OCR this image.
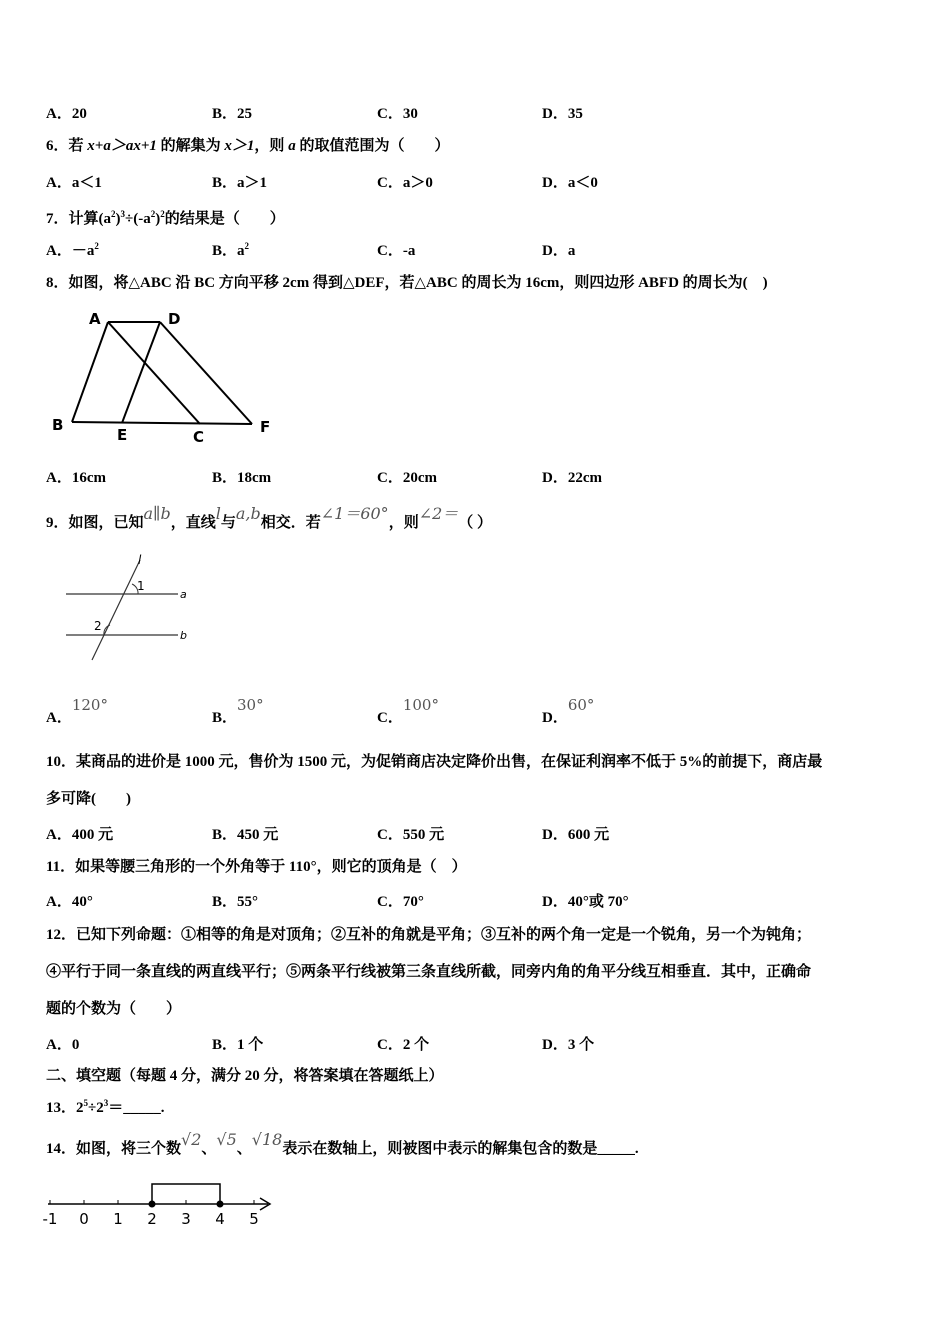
A．20	B．25	C．30	D．35
6．若 x+a＞ax+1 的解集为 x＞1，则 a 的取值范围为（　　）
A．a＜1	B．a＞1	C．a＞0	D．a＜0
7．计算$(a^2)^3\div(-a^2)^2$的结果是（　　）
A．$-a^2$	B．$a^2$	C．-a	D．a
8．如图，将△ABC 沿 BC 方向平移 2cm 得到△DEF，若△ABC 的周长为 16cm，则四边形 ABFD 的周长为(　)
A	D
B
E	C
F
A．16cm	B．18cm	C．20cm	D．22cm
9．如图，已知a∥b，直线l与a,b相交．若∠1＝60°，则∠2＝（ ）
l
1
2
a
b
A．120°
B．30°
C．100°
D．60°
10．某商品的进价是 1000 元，售价为 1500 元，为促销商店决定降价出售，在保证利润率不低于 5%的前提下，商店最
多可降(　　)
A．400 元	B．450 元	C．550 元	D．600 元
11．如果等腰三角形的一个外角等于 110°，则它的顶角是（　）
A．40°	B．55°	C．70°	D．40°或 70°
12．已知下列命题：①相等的角是对顶角；②互补的角就是平角；③互补的两个角一定是一个锐角，另一个为钝角；
④平行于同一条直线的两直线平行；⑤两条平行线被第三条直线所截，同旁内角的角平分线互相垂直．其中，正确命
题的个数为（　　）
A．0	B．1 个	C．2 个	D．3 个
二、填空题（每题 4 分，满分 20 分，将答案填在答题纸上）
13．$2^5\div 2^3=\_\_\_\_\_$.
14．如图，将三个数√2、√5、√18表示在数轴上，则被图中表示的解集包含的数是_____.
-1 0 1 2 3 4 5
